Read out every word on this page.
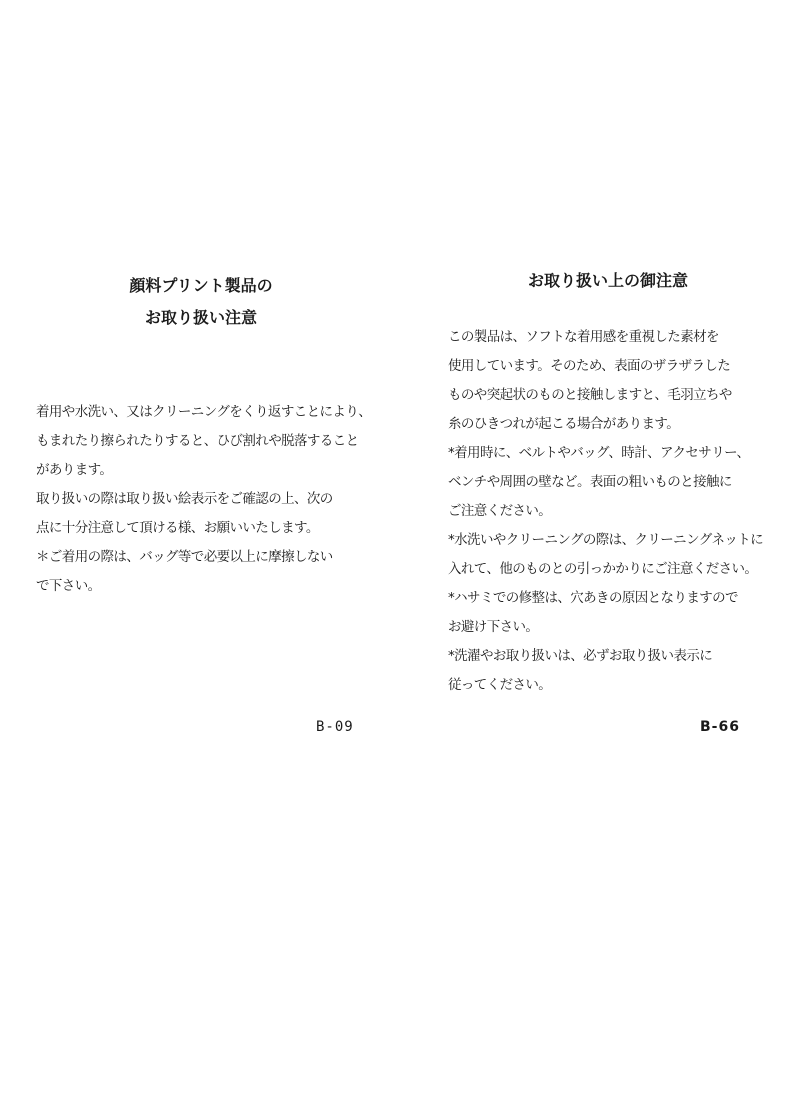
顔料プリント製品の
お取り扱い注意
着用や水洗い、又はクリーニングをくり返すことにより、
もまれたり擦られたりすると、ひび割れや脱落すること
があります。
取り扱いの際は取り扱い絵表示をご確認の上、次の
点に十分注意して頂ける様、お願いいたします。
＊ご着用の際は、バッグ等で必要以上に摩擦しない
で下さい。
B-09
お取り扱い上の御注意
この製品は、ソフトな着用感を重視した素材を
使用しています。そのため、表面のザラザラした
ものや突起状のものと接触しますと、毛羽立ちや
糸のひきつれが起こる場合があります。
*着用時に、ベルトやバッグ、時計、アクセサリー、
ベンチや周囲の壁など。表面の粗いものと接触に
ご注意ください。
*水洗いやクリーニングの際は、クリーニングネットに
入れて、他のものとの引っかかりにご注意ください。
*ハサミでの修整は、穴あきの原因となりますので
お避け下さい。
*洗濯やお取り扱いは、必ずお取り扱い表示に
従ってください。
B-66
